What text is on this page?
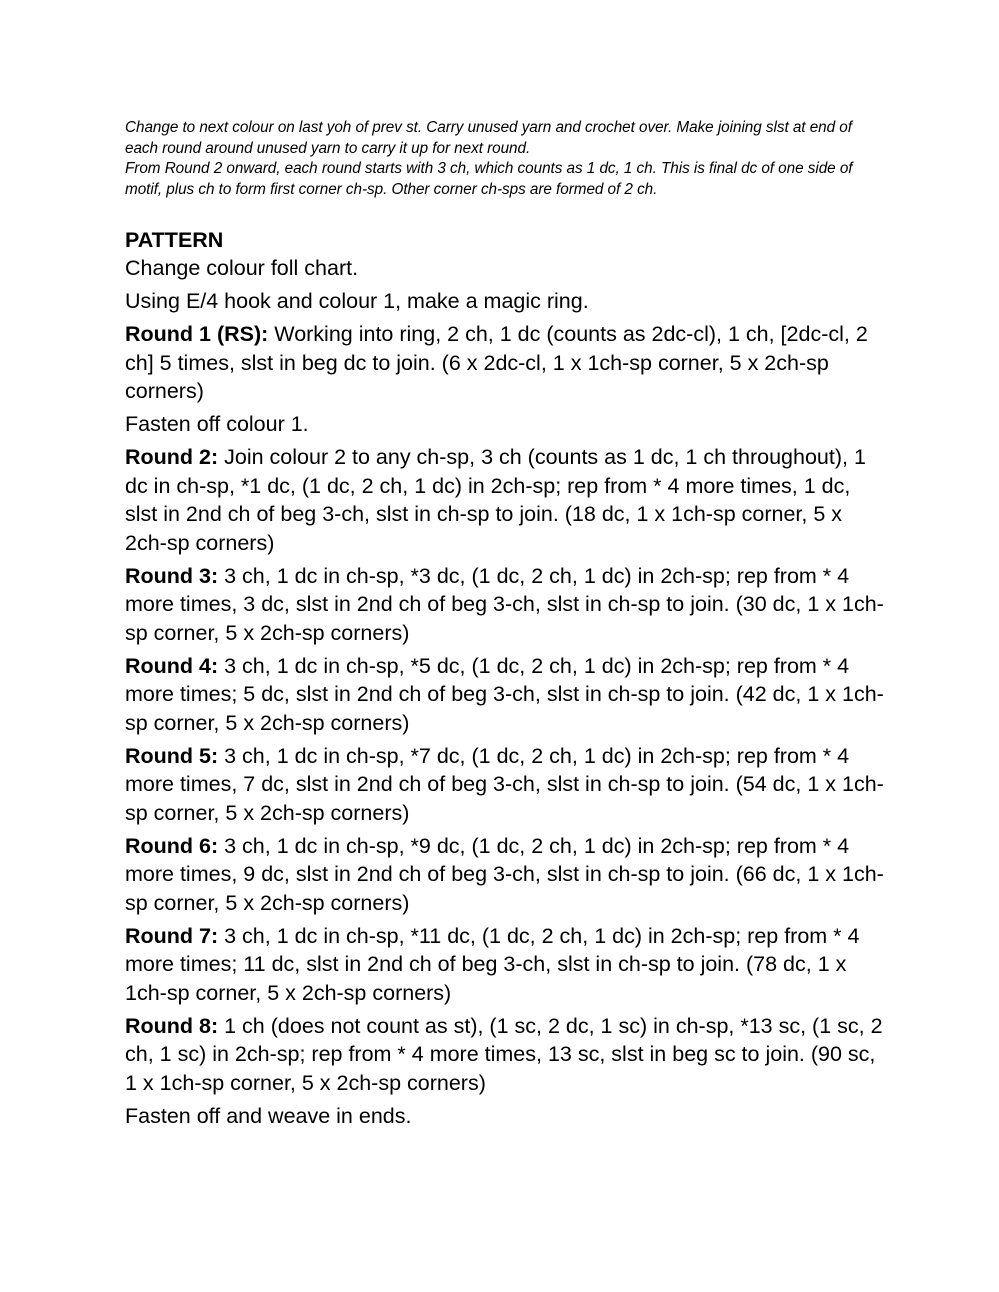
Change to next colour on last yoh of prev st. Carry unused yarn and crochet over. Make joining slst at end of each round around unused yarn to carry it up for next round.

From Round 2 onward, each round starts with 3 ch, which counts as 1 dc, 1 ch. This is final dc of one side of motif, plus ch to form first corner ch-sp. Other corner ch-sps are formed of 2 ch.

PATTERN

Change colour foll chart.

Using E/4 hook and colour 1, make a magic ring.

Round 1 (RS): Working into ring, 2 ch, 1 dc (counts as 2dc-cl), 1 ch, [2dc-cl, 2 ch] 5 times, slst in beg dc to join. (6 x 2dc-cl, 1 x 1ch-sp corner, 5 x 2ch-sp corners)

Fasten off colour 1.

Round 2: Join colour 2 to any ch-sp, 3 ch (counts as 1 dc, 1 ch throughout), 1 dc in ch-sp, *1 dc, (1 dc, 2 ch, 1 dc) in 2ch-sp; rep from * 4 more times, 1 dc, slst in 2nd ch of beg 3-ch, slst in ch-sp to join. (18 dc, 1 x 1ch-sp corner, 5 x 2ch-sp corners)

Round 3: 3 ch, 1 dc in ch-sp, *3 dc, (1 dc, 2 ch, 1 dc) in 2ch-sp; rep from * 4 more times, 3 dc, slst in 2nd ch of beg 3-ch, slst in ch-sp to join. (30 dc, 1 x 1ch-sp corner, 5 x 2ch-sp corners)

Round 4: 3 ch, 1 dc in ch-sp, *5 dc, (1 dc, 2 ch, 1 dc) in 2ch-sp; rep from * 4 more times; 5 dc, slst in 2nd ch of beg 3-ch, slst in ch-sp to join. (42 dc, 1 x 1ch-sp corner, 5 x 2ch-sp corners)

Round 5: 3 ch, 1 dc in ch-sp, *7 dc, (1 dc, 2 ch, 1 dc) in 2ch-sp; rep from * 4 more times, 7 dc, slst in 2nd ch of beg 3-ch, slst in ch-sp to join. (54 dc, 1 x 1ch-sp corner, 5 x 2ch-sp corners)

Round 6: 3 ch, 1 dc in ch-sp, *9 dc, (1 dc, 2 ch, 1 dc) in 2ch-sp; rep from * 4 more times, 9 dc, slst in 2nd ch of beg 3-ch, slst in ch-sp to join. (66 dc, 1 x 1ch-sp corner, 5 x 2ch-sp corners)

Round 7: 3 ch, 1 dc in ch-sp, *11 dc, (1 dc, 2 ch, 1 dc) in 2ch-sp; rep from * 4 more times; 11 dc, slst in 2nd ch of beg 3-ch, slst in ch-sp to join. (78 dc, 1 x 1ch-sp corner, 5 x 2ch-sp corners)

Round 8: 1 ch (does not count as st), (1 sc, 2 dc, 1 sc) in ch-sp, *13 sc, (1 sc, 2 ch, 1 sc) in 2ch-sp; rep from * 4 more times, 13 sc, slst in beg sc to join. (90 sc, 1 x 1ch-sp corner, 5 x 2ch-sp corners)

Fasten off and weave in ends.
